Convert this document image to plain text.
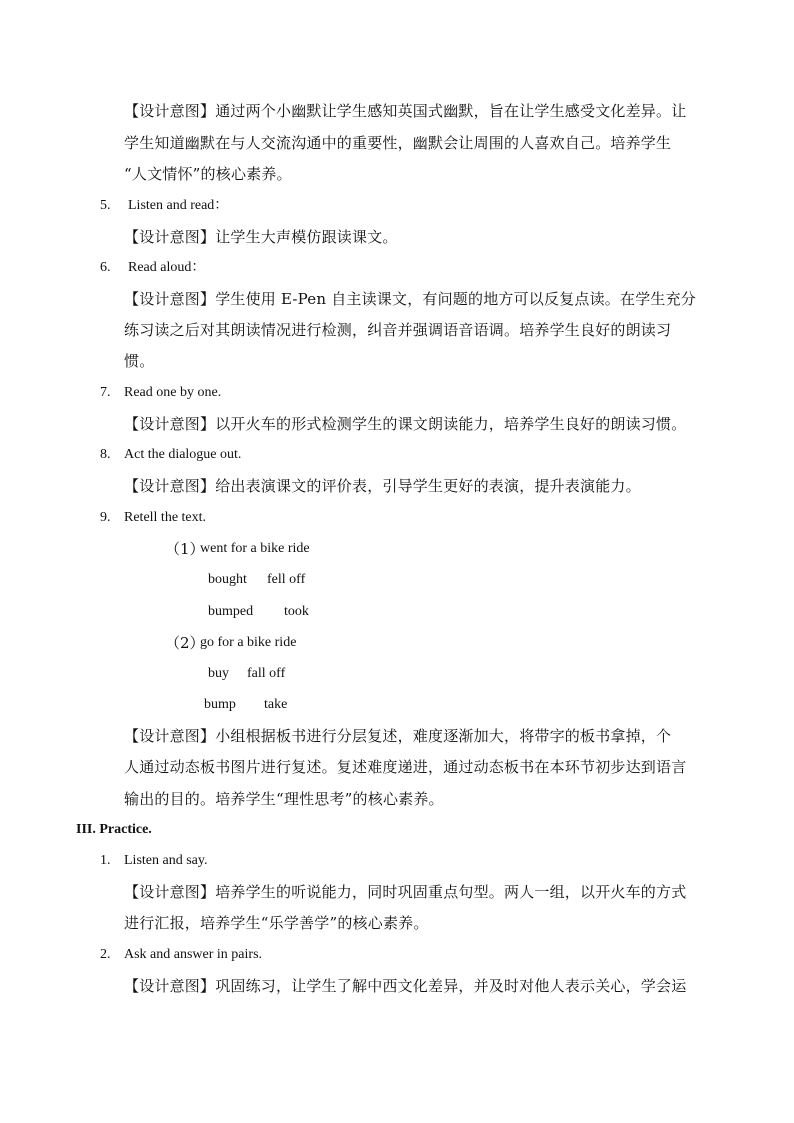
【设计意图】通过两个小幽默让学生感知英国式幽默，旨在让学生感受文化差异。让
学生知道幽默在与人交流沟通中的重要性，幽默会让周围的人喜欢自己。培养学生
“人文情怀”的核心素养。
5. Listen and read：
【设计意图】让学生大声模仿跟读课文。
6. Read aloud：
【设计意图】学生使用 E-Pen 自主读课文，有问题的地方可以反复点读。在学生充分
练习读之后对其朗读情况进行检测，纠音并强调语音语调。培养学生良好的朗读习
惯。
7. Read one by one.
【设计意图】以开火车的形式检测学生的课文朗读能力，培养学生良好的朗读习惯。
8. Act the dialogue out.
【设计意图】给出表演课文的评价表，引导学生更好的表演，提升表演能力。
9. Retell the text.
（1）
went for a bike ride
bought fell off
bumped took
（2）
go for a bike ride
buy fall off
bump take
【设计意图】小组根据板书进行分层复述，难度逐渐加大，将带字的板书拿掉，个
人通过动态板书图片进行复述。复述难度递进，通过动态板书在本环节初步达到语言
输出的目的。培养学生“理性思考”的核心素养。
III. Practice.
1. Listen and say.
【设计意图】培养学生的听说能力，同时巩固重点句型。两人一组，以开火车的方式
进行汇报，培养学生“乐学善学”的核心素养。
2. Ask and answer in pairs.
【设计意图】巩固练习，让学生了解中西文化差异，并及时对他人表示关心，学会运
